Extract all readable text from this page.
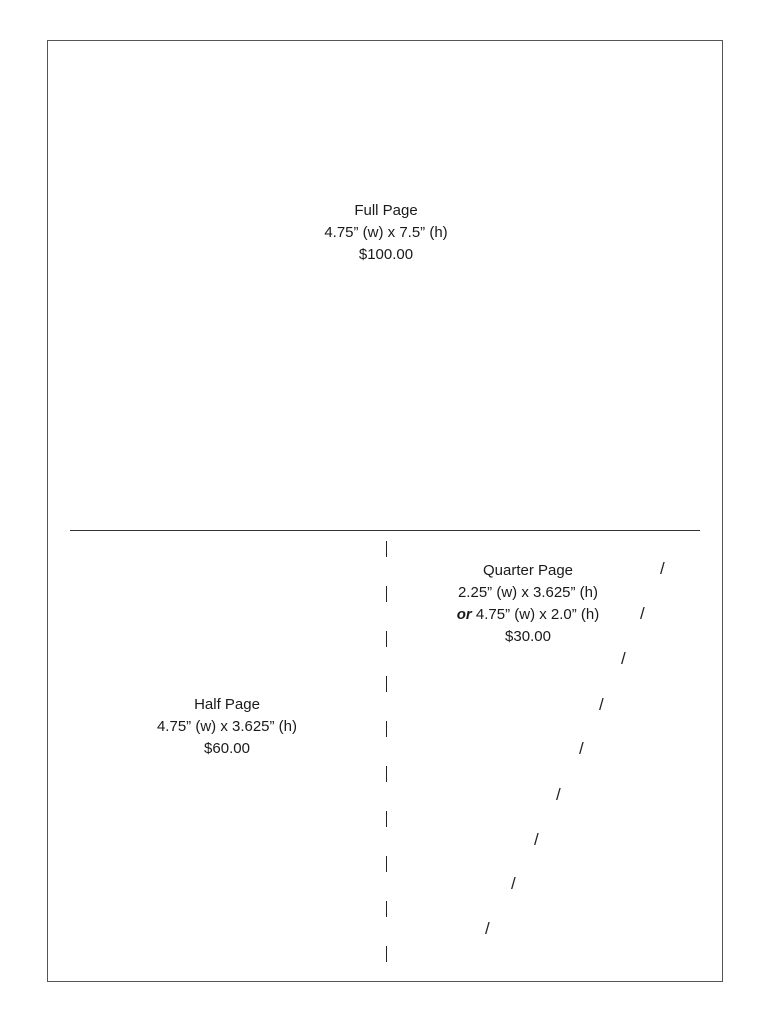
Full Page
4.75” (w) x 7.5” (h)
$100.00
Half Page
4.75” (w) x 3.625” (h)
$60.00
Quarter Page
2.25” (w) x 3.625” (h)
or 4.75” (w) x 2.0” (h)
$30.00
/
/
/
/
/
/
/
/
/
